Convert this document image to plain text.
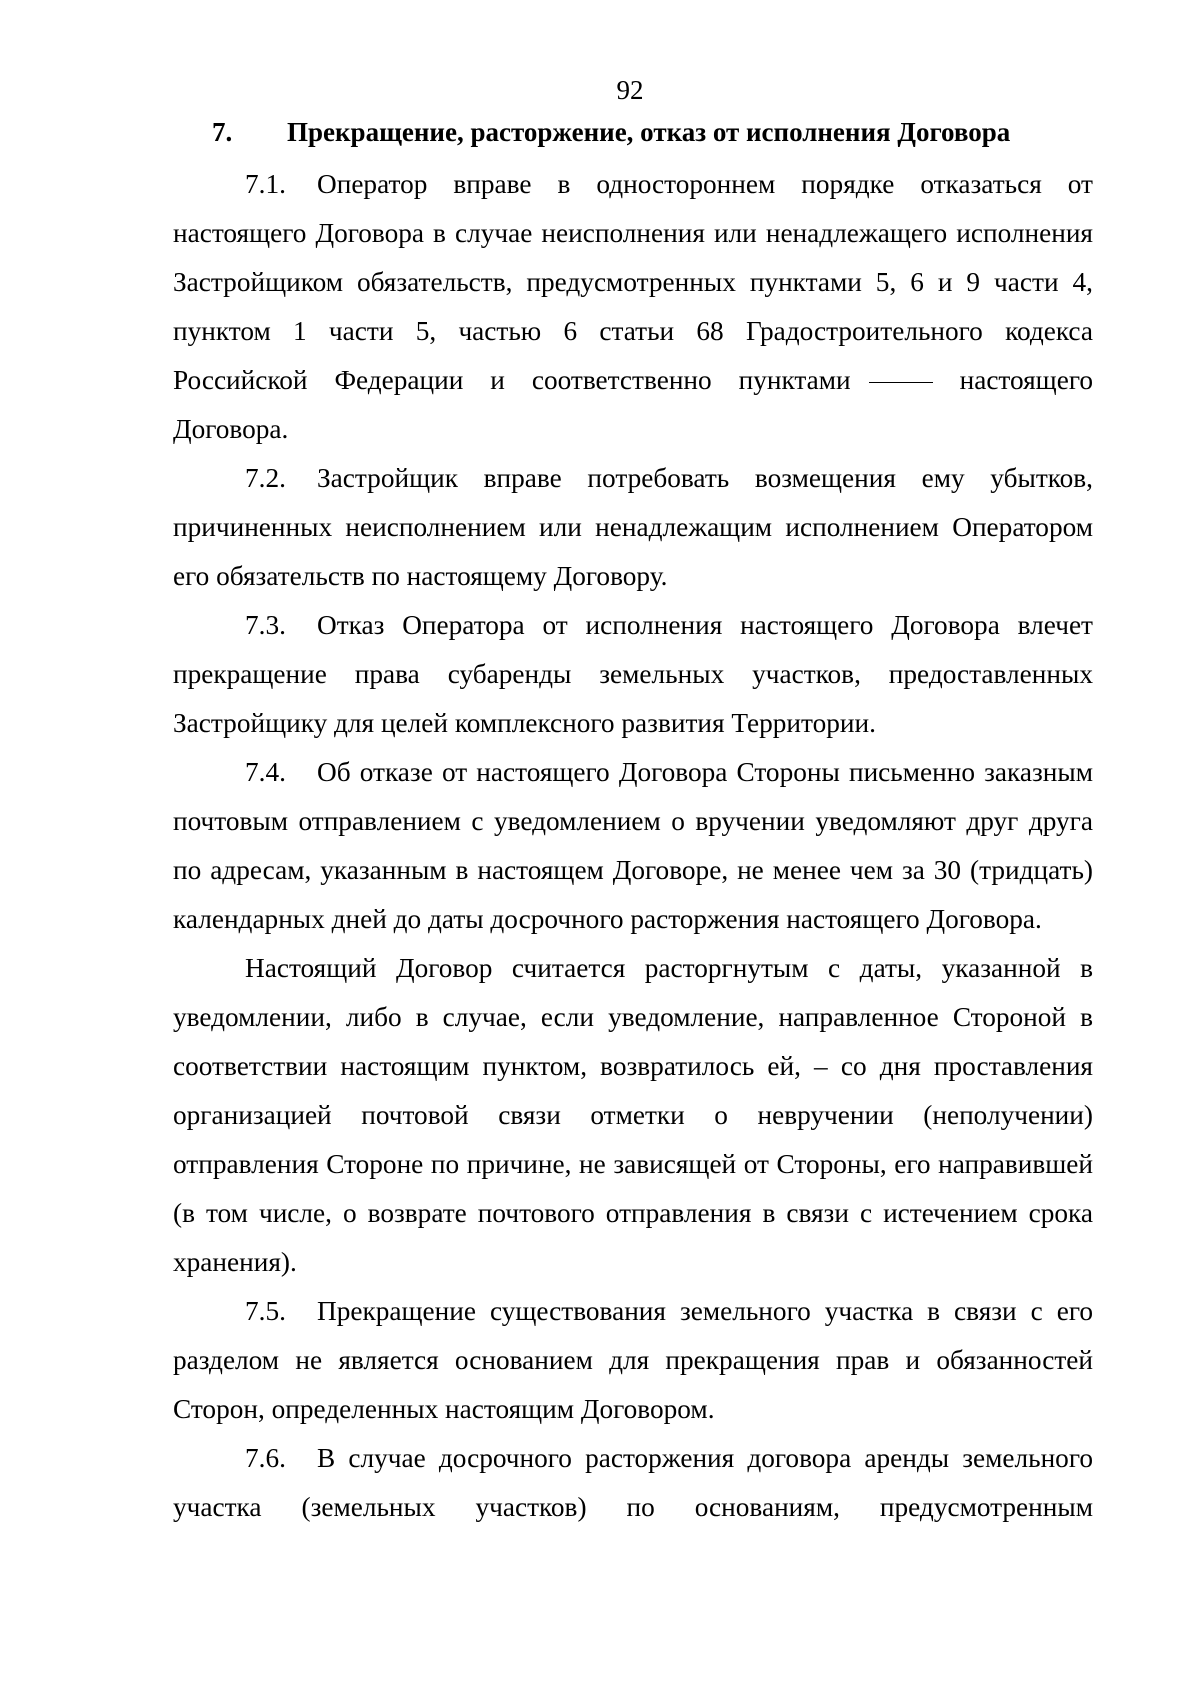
92
7. Прекращение, расторжение, отказ от исполнения Договора

7.1. Оператор вправе в одностороннем порядке отказаться от настоящего Договора в случае неисполнения или ненадлежащего исполнения Застройщиком обязательств, предусмотренных пунктами 5, 6 и 9 части 4, пунктом 1 части 5, частью 6 статьи 68 Градостроительного кодекса Российской Федерации и соответственно пунктами	настоящего Договора.

7.2. Застройщик вправе потребовать возмещения ему убытков, причиненных неисполнением или ненадлежащим исполнением Оператором его обязательств по настоящему Договору.

7.3. Отказ Оператора от исполнения настоящего Договора влечет прекращение права субаренды земельных участков, предоставленных Застройщику для целей комплексного развития Территории.

7.4. Об отказе от настоящего Договора Стороны письменно заказным почтовым отправлением с уведомлением о вручении уведомляют друг друга по адресам, указанным в настоящем Договоре, не менее чем за 30 (тридцать) календарных дней до даты досрочного расторжения настоящего Договора.

Настоящий Договор считается расторгнутым с даты, указанной в уведомлении, либо в случае, если уведомление, направленное Стороной в соответствии настоящим пунктом, возвратилось ей, – со дня проставления организацией почтовой связи отметки о невручении (неполучении) отправления Стороне по причине, не зависящей от Стороны, его направившей (в том числе, о возврате почтового отправления в связи с истечением срока хранения).

7.5. Прекращение существования земельного участка в связи с его разделом не является основанием для прекращения прав и обязанностей Сторон, определенных настоящим Договором.

7.6. В случае досрочного расторжения договора аренды земельного участка (земельных участков) по основаниям, предусмотренным
